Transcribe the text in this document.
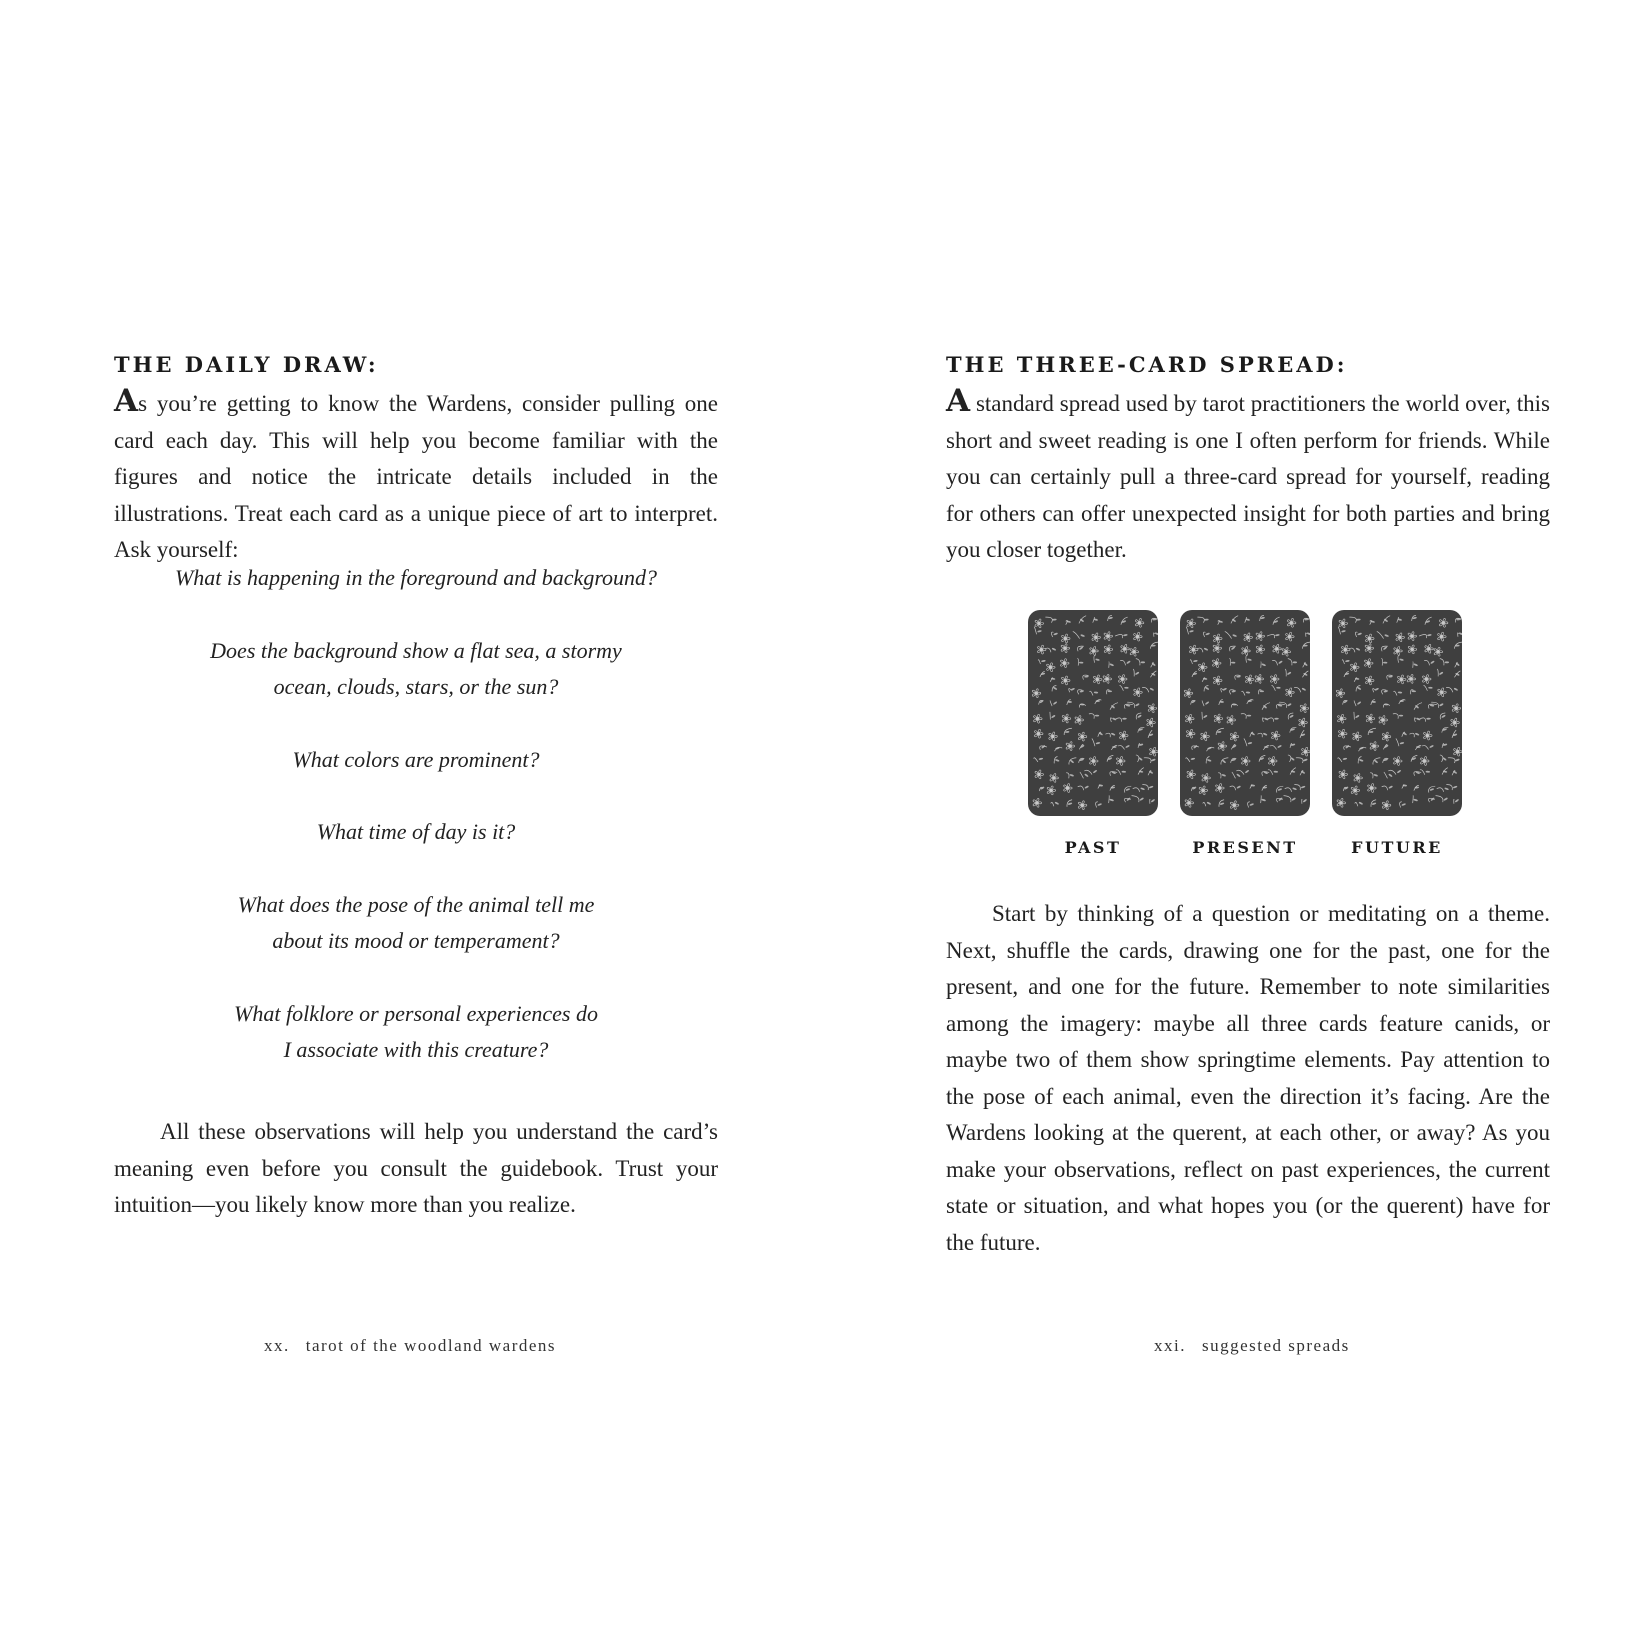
THE DAILY DRAW:

As you’re getting to know the Wardens, consider pulling one card each day. This will help you become familiar with the figures and notice the intricate details included in the illustrations. Treat each card as a unique piece of art to interpret. Ask yourself:

What is happening in the foreground and background?

Does the background show a flat sea, a stormy
ocean, clouds, stars, or the sun?

What colors are prominent?

What time of day is it?

What does the pose of the animal tell me
about its mood or temperament?

What folklore or personal experiences do
I associate with this creature?

All these observations will help you understand the card’s meaning even before you consult the guidebook. Trust your intuition—you likely know more than you realize.

xx. tarot of the woodland wardens

THE THREE-CARD SPREAD:

A standard spread used by tarot practitioners the world over, this short and sweet reading is one I often perform for friends. While you can certainly pull a three-card spread for yourself, reading for others can offer unexpected insight for both parties and bring you closer together.

PAST	PRESENT	FUTURE

Start by thinking of a question or meditating on a theme. Next, shuffle the cards, drawing one for the past, one for the present, and one for the future. Remember to note similarities among the imagery: maybe all three cards feature canids, or maybe two of them show springtime elements. Pay attention to the pose of each animal, even the direction it’s facing. Are the Wardens looking at the querent, at each other, or away? As you make your observations, reflect on past experiences, the current state or situation, and what hopes you (or the querent) have for the future.

xxi. suggested spreads
